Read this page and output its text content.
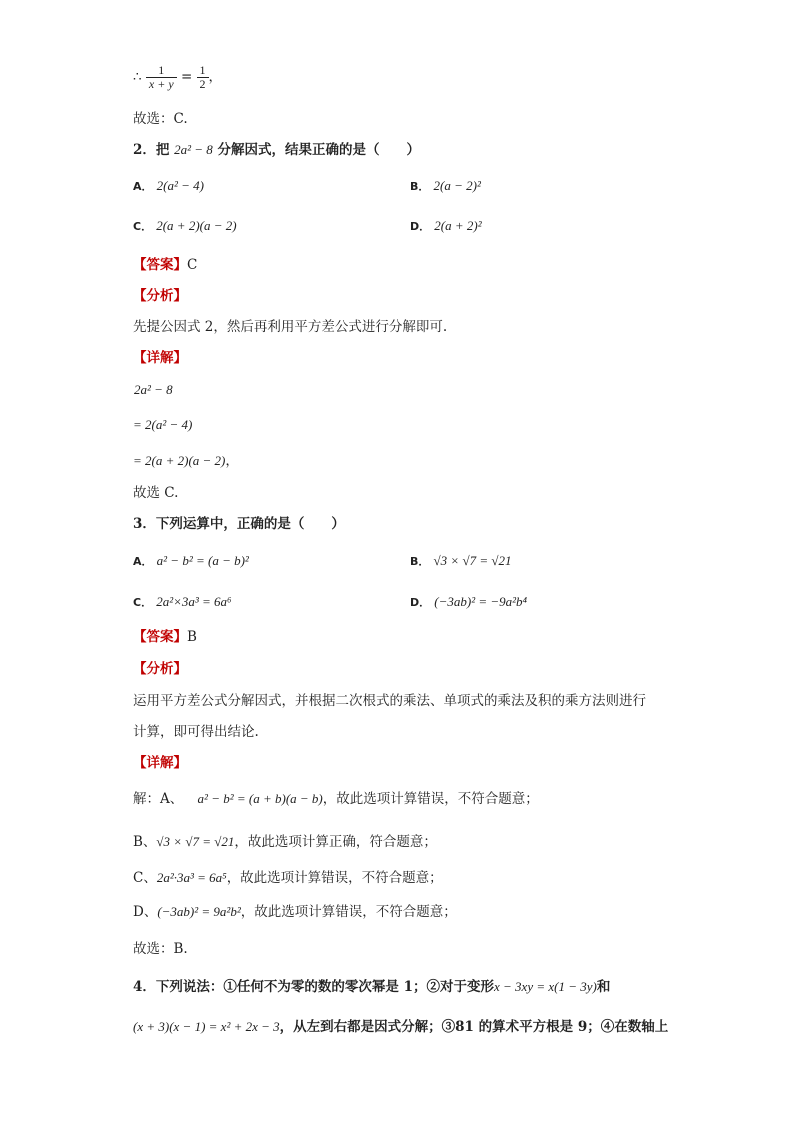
∴ $\frac{1}{x + y} = \frac{1}{2}$ ，
故选：C.
2．把 2a² − 8 分解因式，结果正确的是（　　）
A． 2(a² − 4)	B． 2(a − 2)²
C． 2(a + 2)(a − 2)	D． 2(a + 2)²
【答案】C
【分析】
先提公因式 2，然后再利用平方差公式进行分解即可.
【详解】
2a² − 8
= 2(a² − 4)
= 2(a + 2)(a − 2)，
故选 C.
3．下列运算中，正确的是（　　）
A． a² − b² = (a − b)²	B． √3 × √7 = √21
C． 2a²×3a³ = 6a⁶	D． (−3ab)² = −9a²b⁴
【答案】B
【分析】
运用平方差公式分解因式，并根据二次根式的乘法、单项式的乘法及积的乘方法则进行
计算，即可得出结论.
【详解】
解：A、 a² − b² = (a + b)(a − b)，故此选项计算错误，不符合题意；
B、√3 × √7 = √21，故此选项计算正确，符合题意；
C、2a²·3a³ = 6a⁵，故此选项计算错误，不符合题意；
D、(−3ab)² = 9a²b²，故此选项计算错误，不符合题意；
故选：B.
4．下列说法：①任何不为零的数的零次幂是 1；②对于变形x − 3xy = x(1 − 3y)和
(x + 3)(x − 1) = x² + 2x − 3，从左到右都是因式分解；③81 的算术平方根是 9；④在数轴上
